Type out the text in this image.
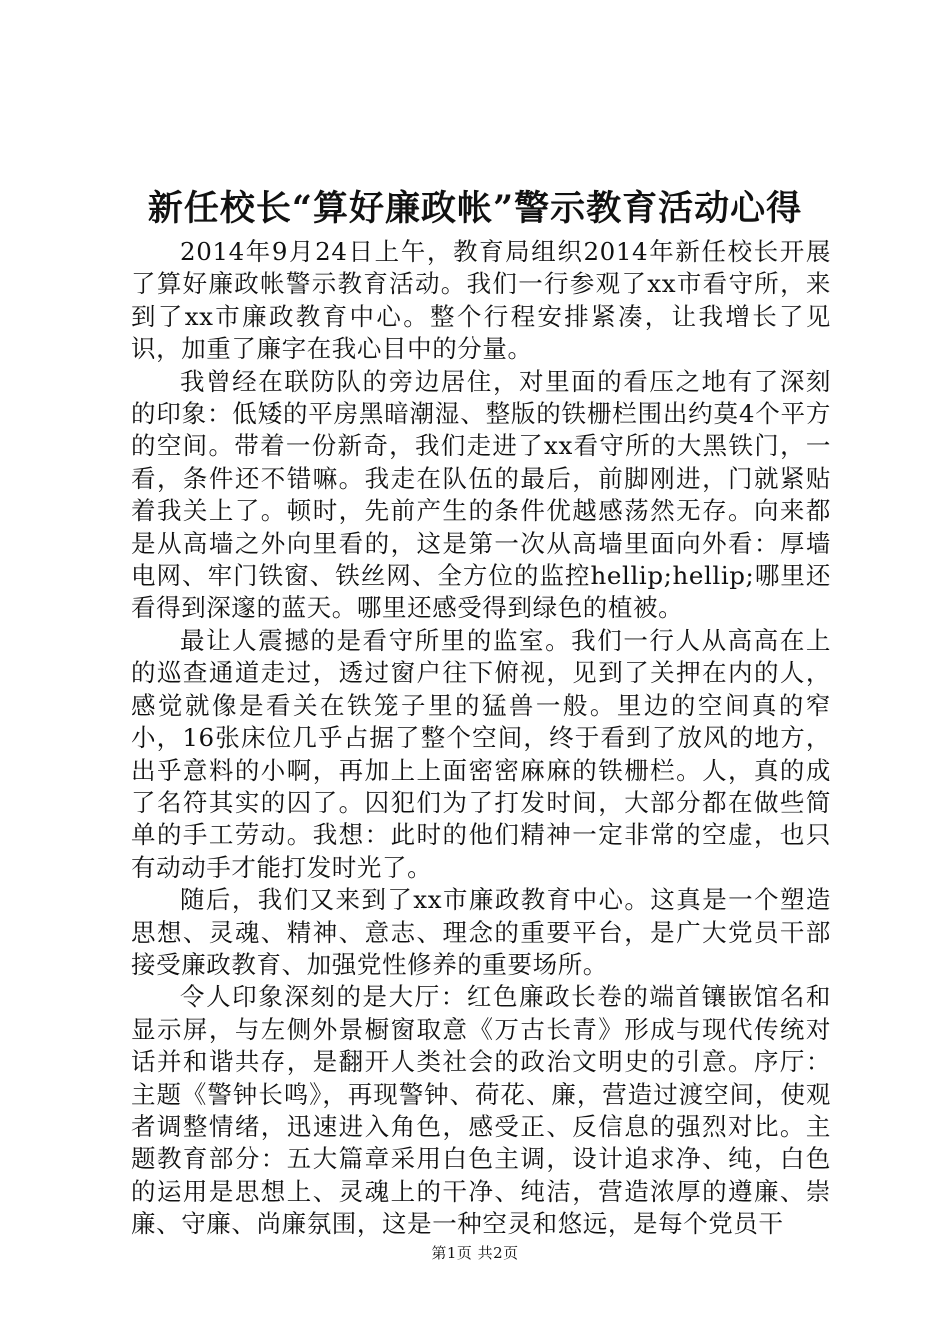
新任校长“算好廉政帐”警示教育活动心得

2014年9月24日上午，教育局组织2014年新任校长开展了算好廉政帐警示教育活动。我们一行参观了xx市看守所，来到了xx市廉政教育中心。整个行程安排紧凑，让我增长了见识，加重了廉字在我心目中的分量。

我曾经在联防队的旁边居住，对里面的看压之地有了深刻的印象：低矮的平房黑暗潮湿、整版的铁栅栏围出约莫4个平方的空间。带着一份新奇，我们走进了xx看守所的大黑铁门，一看，条件还不错嘛。我走在队伍的最后，前脚刚进，门就紧贴着我关上了。顿时，先前产生的条件优越感荡然无存。向来都是从高墙之外向里看的，这是第一次从高墙里面向外看：厚墙电网、牢门铁窗、铁丝网、全方位的监控hellip;hellip;哪里还看得到深邃的蓝天。哪里还感受得到绿色的植被。

最让人震撼的是看守所里的监室。我们一行人从高高在上的巡查通道走过，透过窗户往下俯视，见到了关押在内的人，感觉就像是看关在铁笼子里的猛兽一般。里边的空间真的窄小，16张床位几乎占据了整个空间，终于看到了放风的地方，出乎意料的小啊，再加上上面密密麻麻的铁栅栏。人，真的成了名符其实的囚了。囚犯们为了打发时间，大部分都在做些简单的手工劳动。我想：此时的他们精神一定非常的空虚，也只有动动手才能打发时光了。

随后，我们又来到了xx市廉政教育中心。这真是一个塑造思想、灵魂、精神、意志、理念的重要平台，是广大党员干部接受廉政教育、加强党性修养的重要场所。

令人印象深刻的是大厅：红色廉政长卷的端首镶嵌馆名和显示屏，与左侧外景橱窗取意《万古长青》形成与现代传统对话并和谐共存，是翻开人类社会的政治文明史的引意。序厅：主题《警钟长鸣》，再现警钟、荷花、廉，营造过渡空间，使观者调整情绪，迅速进入角色，感受正、反信息的强烈对比。主题教育部分：五大篇章采用白色主调，设计追求净、纯，白色的运用是思想上、灵魂上的干净、纯洁，营造浓厚的遵廉、崇廉、守廉、尚廉氛围，这是一种空灵和悠远，是每个党员干

第1页 共2页
